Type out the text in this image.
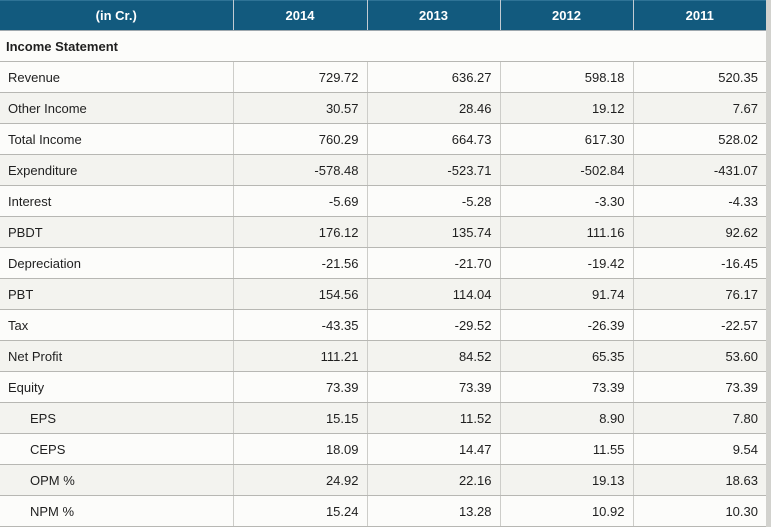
(in Cr.)	2014	2013	2012	2011
Income Statement				
Revenue	729.72	636.27	598.18	520.35
Other Income	30.57	28.46	19.12	7.67
Total Income	760.29	664.73	617.30	528.02
Expenditure	-578.48	-523.71	-502.84	-431.07
Interest	-5.69	-5.28	-3.30	-4.33
PBDT	176.12	135.74	111.16	92.62
Depreciation	-21.56	-21.70	-19.42	-16.45
PBT	154.56	114.04	91.74	76.17
Tax	-43.35	-29.52	-26.39	-22.57
Net Profit	111.21	84.52	65.35	53.60
Equity	73.39	73.39	73.39	73.39
EPS	15.15	11.52	8.90	7.80
CEPS	18.09	14.47	11.55	9.54
OPM %	24.92	22.16	19.13	18.63
NPM %	15.24	13.28	10.92	10.30
